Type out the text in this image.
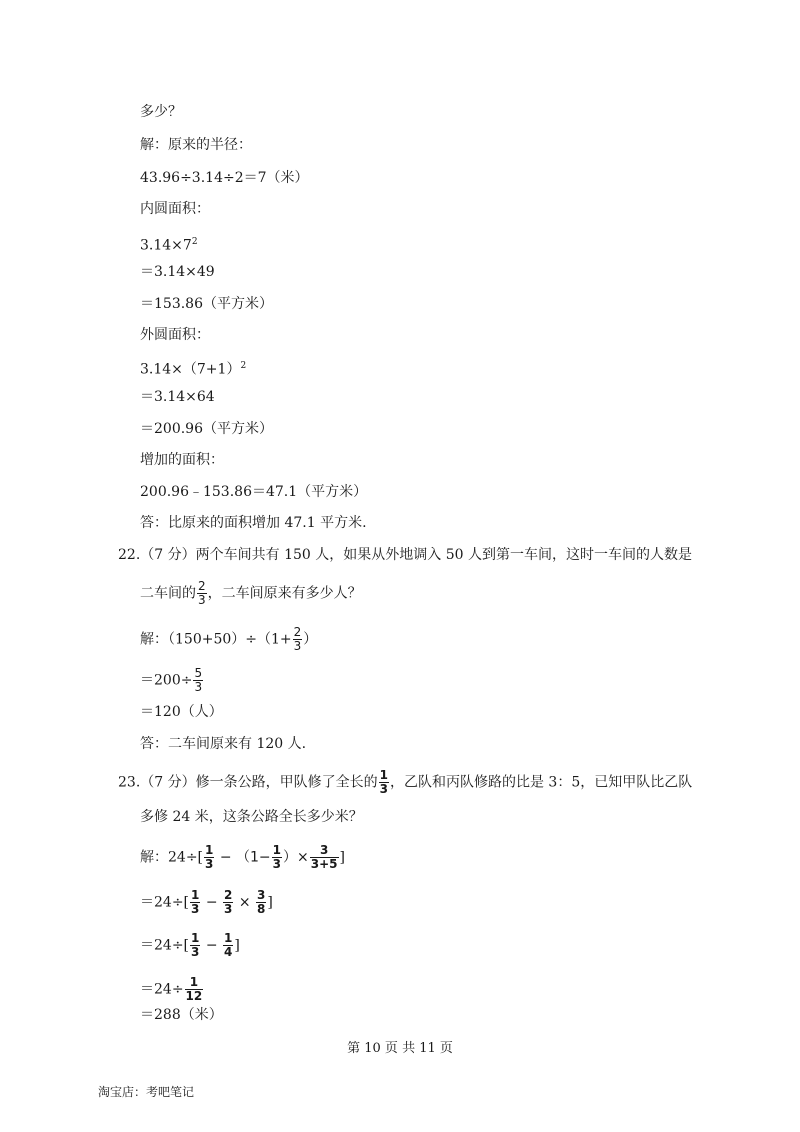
多少？
解：原来的半径：
43.96÷3.14÷2＝7（米）
内圆面积：
$3.14\times 7^2$
＝3.14×49
＝153.86（平方米）
外圆面积：
$3.14\times(7+1)^2$
＝3.14×64
＝200.96（平方米）
增加的面积：
200.96﹣153.86＝47.1（平方米）
答：比原来的面积增加 47.1 平方米.
22.（7 分）两个车间共有 150 人，如果从外地调入 50 人到第一车间，这时一车间的人数是
二车间的 $\frac{2}{3}$ ，二车间原来有多少人？
解：$(150+50)\div(1+ \frac{2}{3}$ ）
$=200\div \frac{5}{3}$
＝120（人）
答：二车间原来有 120 人.
23.（7 分）修一条公路，甲队修了全长的 $\frac{1}{3}$ ，乙队和丙队修路的比是 3：5，已知甲队比乙队
多修 24 米，这条公路全长多少米？
解：$24\div[ \frac{1}{3} - (1- \frac{1}{3}$ ）× $\frac{3}{3+5}$ ]
$=24\div[ \frac{1}{3} - \frac{2}{3} \times \frac{3}{8}$ ]
$=24\div[ \frac{1}{3} - \frac{1}{4}$ ]
$=24\div \frac{1}{12}$
＝288（米）
第 10 页 共 11 页
淘宝店：考吧笔记
